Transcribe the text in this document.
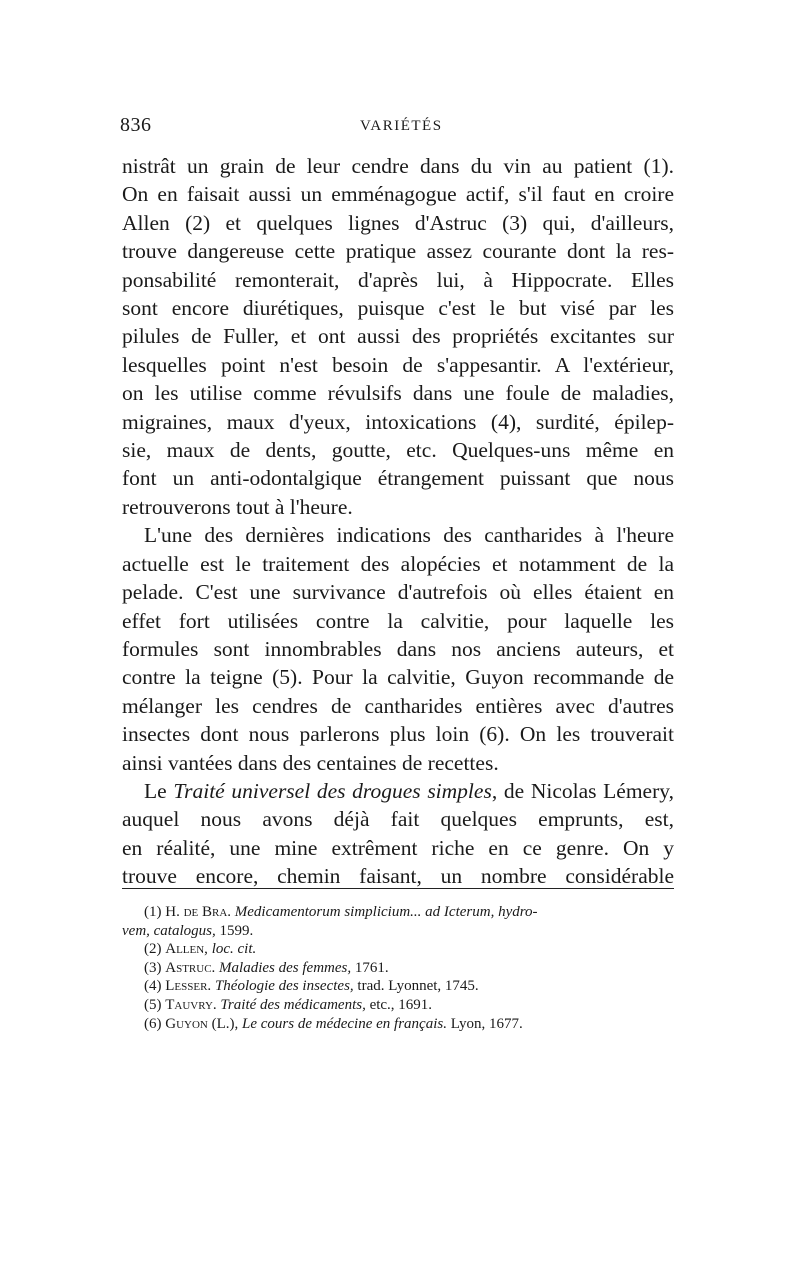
836	VARIÉTÉS

nistrât un grain de leur cendre dans du vin au patient (1).
On en faisait aussi un emménagogue actif, s'il faut en croire
Allen (2) et quelques lignes d'Astruc (3) qui, d'ailleurs,
trouve dangereuse cette pratique assez courante dont la res-
ponsabilité remonterait, d'après lui, à Hippocrate. Elles
sont encore diurétiques, puisque c'est le but visé par les
pilules de Fuller, et ont aussi des propriétés excitantes sur
lesquelles point n'est besoin de s'appesantir. A l'extérieur,
on les utilise comme révulsifs dans une foule de maladies,
migraines, maux d'yeux, intoxications (4), surdité, épilep-
sie, maux de dents, goutte, etc. Quelques-uns même en
font un anti-odontalgique étrangement puissant que nous
retrouverons tout à l'heure.

L'une des dernières indications des cantharides à l'heure
actuelle est le traitement des alopécies et notamment de la
pelade. C'est une survivance d'autrefois où elles étaient en
effet fort utilisées contre la calvitie, pour laquelle les
formules sont innombrables dans nos anciens auteurs, et
contre la teigne (5). Pour la calvitie, Guyon recommande de
mélanger les cendres de cantharides entières avec d'autres
insectes dont nous parlerons plus loin (6). On les trouverait
ainsi vantées dans des centaines de recettes.

Le Traité universel des drogues simples, de Nicolas Lémery,
auquel nous avons déjà fait quelques emprunts, est,
en réalité, une mine extrêment riche en ce genre. On y
trouve encore, chemin faisant, un nombre considérable

(1) H. de Bra. Medicamentorum simplicium... ad Icterum, hydro-
vem, catalogus, 1599.
(2) Allen, loc. cit.
(3) Astruc. Maladies des femmes, 1761.
(4) Lesser. Théologie des insectes, trad. Lyonnet, 1745.
(5) Tauvry. Traité des médicaments, etc., 1691.
(6) Guyon (L.), Le cours de médecine en français. Lyon, 1677.
